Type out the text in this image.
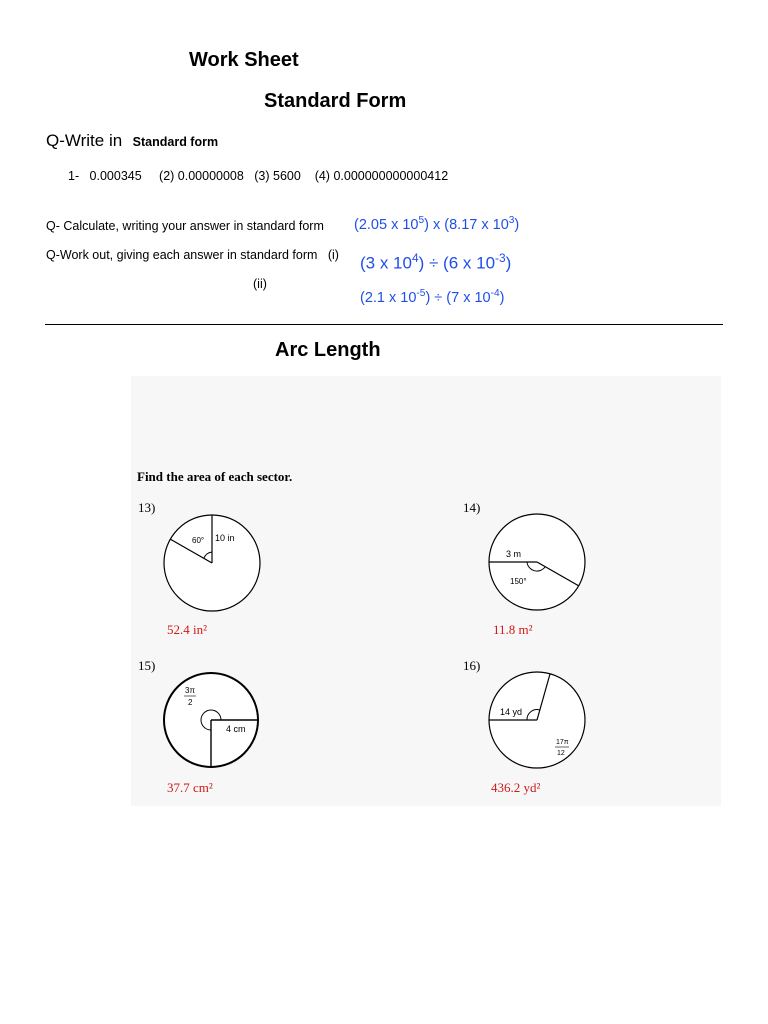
Work Sheet
Standard Form
Q-Write in Standard form
1-   0.000345     (2) 0.00000008   (3) 5600    (4) 0.000000000000412
Q- Calculate, writing your answer in standard form (2.05 x $10^5$) x (8.17 x $10^3$)
Q-Work out, giving each answer in standard form   (i) (3 x $10^4) \div (6$ x $10^{-3}$)
(ii)
(2.1 x $10^{-5}) \div (7$ x $10^{-4}$)
Arc Length
Find the area of each sector.
13)
60° 10 in
52.4 in²
14)
3 m
150°
11.8 m²
15)
3π
2
4 cm
37.7 cm²
16)
14 yd
17π
12
436.2 yd²
